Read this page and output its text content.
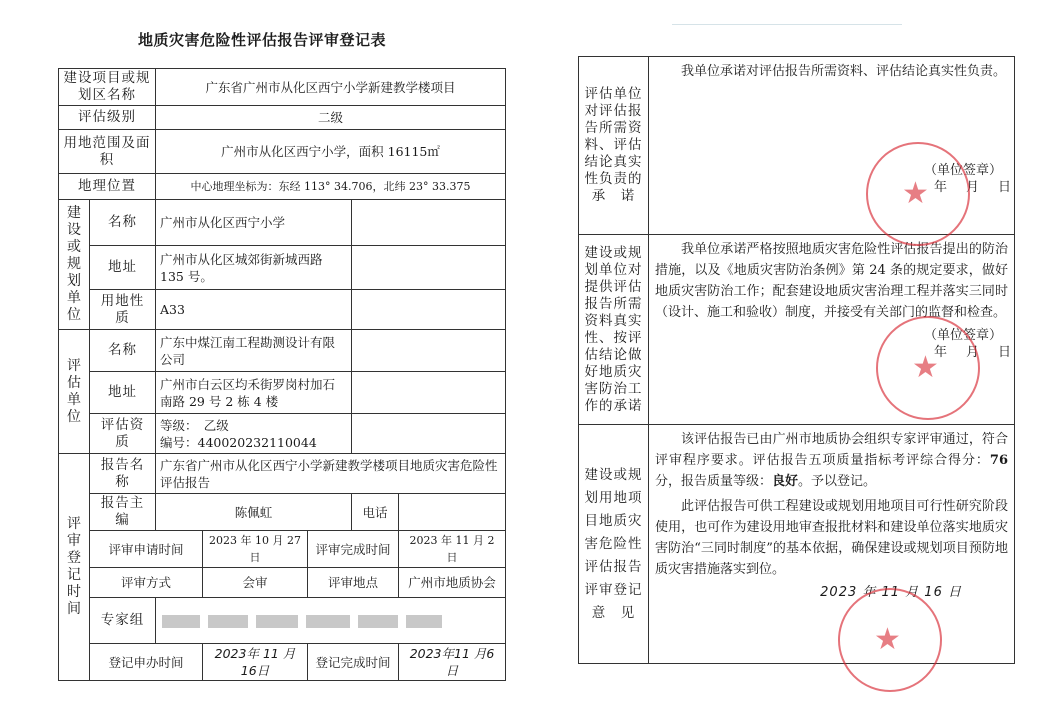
地质灾害危险性评估报告评审登记表
建设项目或规划区名称		广东省广州市从化区西宁小学新建教学楼项目				
评估级别		二级				
用地范围及面　积		广州市从化区西宁小学，面积 16115㎡				
地理位置		中心地理坐标为：东经 113° 34.706，北纬 23° 33.375				
建设或规划单位	名称	广州市从化区西宁小学				
	地址	广州市从化区城郊街新城西路 135 号。				
	用地性质	A33				
评估单位	名称	广东中煤江南工程勘测设计有限公司				
	地址	广州市白云区均禾街罗岗村加石南路 29 号 2 栋 4 楼				
	评估资质	等级：　乙级
编号：440020232110044				

评审登记时间	报告名称	广东省广州市从化区西宁小学新建教学楼项目地质灾害危险性评估报告				
	报告主编	陈佩虹			电话	
	评审申请时间		2023 年 10 月 27 日	评审完成时间		2023 年 11 月 2 日
	评审方式		会审	评审地点		广州市地质协会
	专家组					
	登记申办时间		2023年 11 月 16日	登记完成时间		2023年11 月6 日
评估单位对评估报告所需资料、评估结论真实性负责的承　诺	我单位承诺对评估报告所需资料、评估结论真实性负责。
（单位签章）
年　月　日

建设或规划单位对提供评估报告所需资料真实性、按评估结论做好地质灾害防治工作的承诺	我单位承诺严格按照地质灾害危险性评估报告提出的防治措施，以及《地质灾害防治条例》第 24 条的规定要求，做好地质灾害防治工作；配套建设地质灾害治理工程并落实三同时（设计、施工和验收）制度，并接受有关部门的监督和检查。
（单位签章）
年　月　日

建设或规划用地项目地质灾害危险性评估报告评审登记意　见	该评估报告已由广州市地质协会组织专家评审通过，符合评审程序要求。评估报告五项质量指标考评综合得分：76分，报告质量等级：良好。予以登记。
此评估报告可供工程建设或规划用地项目可行性研究阶段使用，也可作为建设用地审查报批材料和建设单位落实地质灾害防治“三同时制度”的基本依据，确保建设或规划项目预防地质灾害措施落实到位。
2023 年 11 月 16 日
★
★
★
